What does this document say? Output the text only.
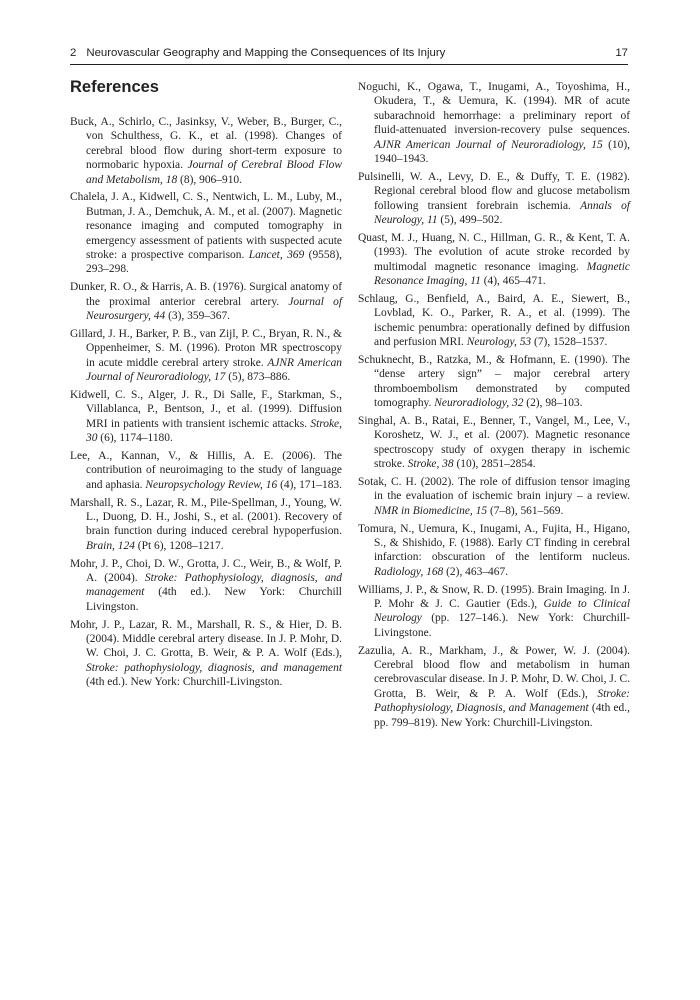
2 Neurovascular Geography and Mapping the Consequences of Its Injury	17
References
Buck, A., Schirlo, C., Jasinksy, V., Weber, B., Burger, C., von Schulthess, G. K., et al. (1998). Changes of cerebral blood flow during short-term exposure to normobaric hypoxia. Journal of Cerebral Blood Flow and Metabolism, 18 (8), 906–910.
Chalela, J. A., Kidwell, C. S., Nentwich, L. M., Luby, M., Butman, J. A., Demchuk, A. M., et al. (2007). Magnetic resonance imaging and computed tomography in emergency assessment of patients with suspected acute stroke: a prospective comparison. Lancet, 369 (9558), 293–298.
Dunker, R. O., & Harris, A. B. (1976). Surgical anatomy of the proximal anterior cerebral artery. Journal of Neurosurgery, 44 (3), 359–367.
Gillard, J. H., Barker, P. B., van Zijl, P. C., Bryan, R. N., & Oppenheimer, S. M. (1996). Proton MR spectroscopy in acute middle cerebral artery stroke. AJNR American Journal of Neuroradiology, 17 (5), 873–886.
Kidwell, C. S., Alger, J. R., Di Salle, F., Starkman, S., Villablanca, P., Bentson, J., et al. (1999). Diffusion MRI in patients with transient ischemic attacks. Stroke, 30 (6), 1174–1180.
Lee, A., Kannan, V., & Hillis, A. E. (2006). The contribution of neuroimaging to the study of language and aphasia. Neuropsychology Review, 16 (4), 171–183.
Marshall, R. S., Lazar, R. M., Pile-Spellman, J., Young, W. L., Duong, D. H., Joshi, S., et al. (2001). Recovery of brain function during induced cerebral hypoperfusion. Brain, 124 (Pt 6), 1208–1217.
Mohr, J. P., Choi, D. W., Grotta, J. C., Weir, B., & Wolf, P. A. (2004). Stroke: Pathophysiology, diagnosis, and management (4th ed.). New York: Churchill Livingston.
Mohr, J. P., Lazar, R. M., Marshall, R. S., & Hier, D. B. (2004). Middle cerebral artery disease. In J. P. Mohr, D. W. Choi, J. C. Grotta, B. Weir, & P. A. Wolf (Eds.), Stroke: pathophysiology, diagnosis, and management (4th ed.). New York: Churchill-Livingston.
Noguchi, K., Ogawa, T., Inugami, A., Toyoshima, H., Okudera, T., & Uemura, K. (1994). MR of acute subarachnoid hemorrhage: a preliminary report of fluid-attenuated inversion-recovery pulse sequences. AJNR American Journal of Neuroradiology, 15 (10), 1940–1943.
Pulsinelli, W. A., Levy, D. E., & Duffy, T. E. (1982). Regional cerebral blood flow and glucose metabolism following transient forebrain ischemia. Annals of Neurology, 11 (5), 499–502.
Quast, M. J., Huang, N. C., Hillman, G. R., & Kent, T. A. (1993). The evolution of acute stroke recorded by multimodal magnetic resonance imaging. Magnetic Resonance Imaging, 11 (4), 465–471.
Schlaug, G., Benfield, A., Baird, A. E., Siewert, B., Lovblad, K. O., Parker, R. A., et al. (1999). The ischemic penumbra: operationally defined by diffusion and perfusion MRI. Neurology, 53 (7), 1528–1537.
Schuknecht, B., Ratzka, M., & Hofmann, E. (1990). The “dense artery sign” – major cerebral artery thromboembolism demonstrated by computed tomography. Neuroradiology, 32 (2), 98–103.
Singhal, A. B., Ratai, E., Benner, T., Vangel, M., Lee, V., Koroshetz, W. J., et al. (2007). Magnetic resonance spectroscopy study of oxygen therapy in ischemic stroke. Stroke, 38 (10), 2851–2854.
Sotak, C. H. (2002). The role of diffusion tensor imaging in the evaluation of ischemic brain injury – a review. NMR in Biomedicine, 15 (7–8), 561–569.
Tomura, N., Uemura, K., Inugami, A., Fujita, H., Higano, S., & Shishido, F. (1988). Early CT finding in cerebral infarction: obscuration of the lentiform nucleus. Radiology, 168 (2), 463–467.
Williams, J. P., & Snow, R. D. (1995). Brain Imaging. In J. P. Mohr & J. C. Gautier (Eds.), Guide to Clinical Neurology (pp. 127–146.). New York: Churchill-Livingstone.
Zazulia, A. R., Markham, J., & Power, W. J. (2004). Cerebral blood flow and metabolism in human cerebrovascular disease. In J. P. Mohr, D. W. Choi, J. C. Grotta, B. Weir, & P. A. Wolf (Eds.), Stroke: Pathophysiology, Diagnosis, and Management (4th ed., pp. 799–819). New York: Churchill-Livingston.
